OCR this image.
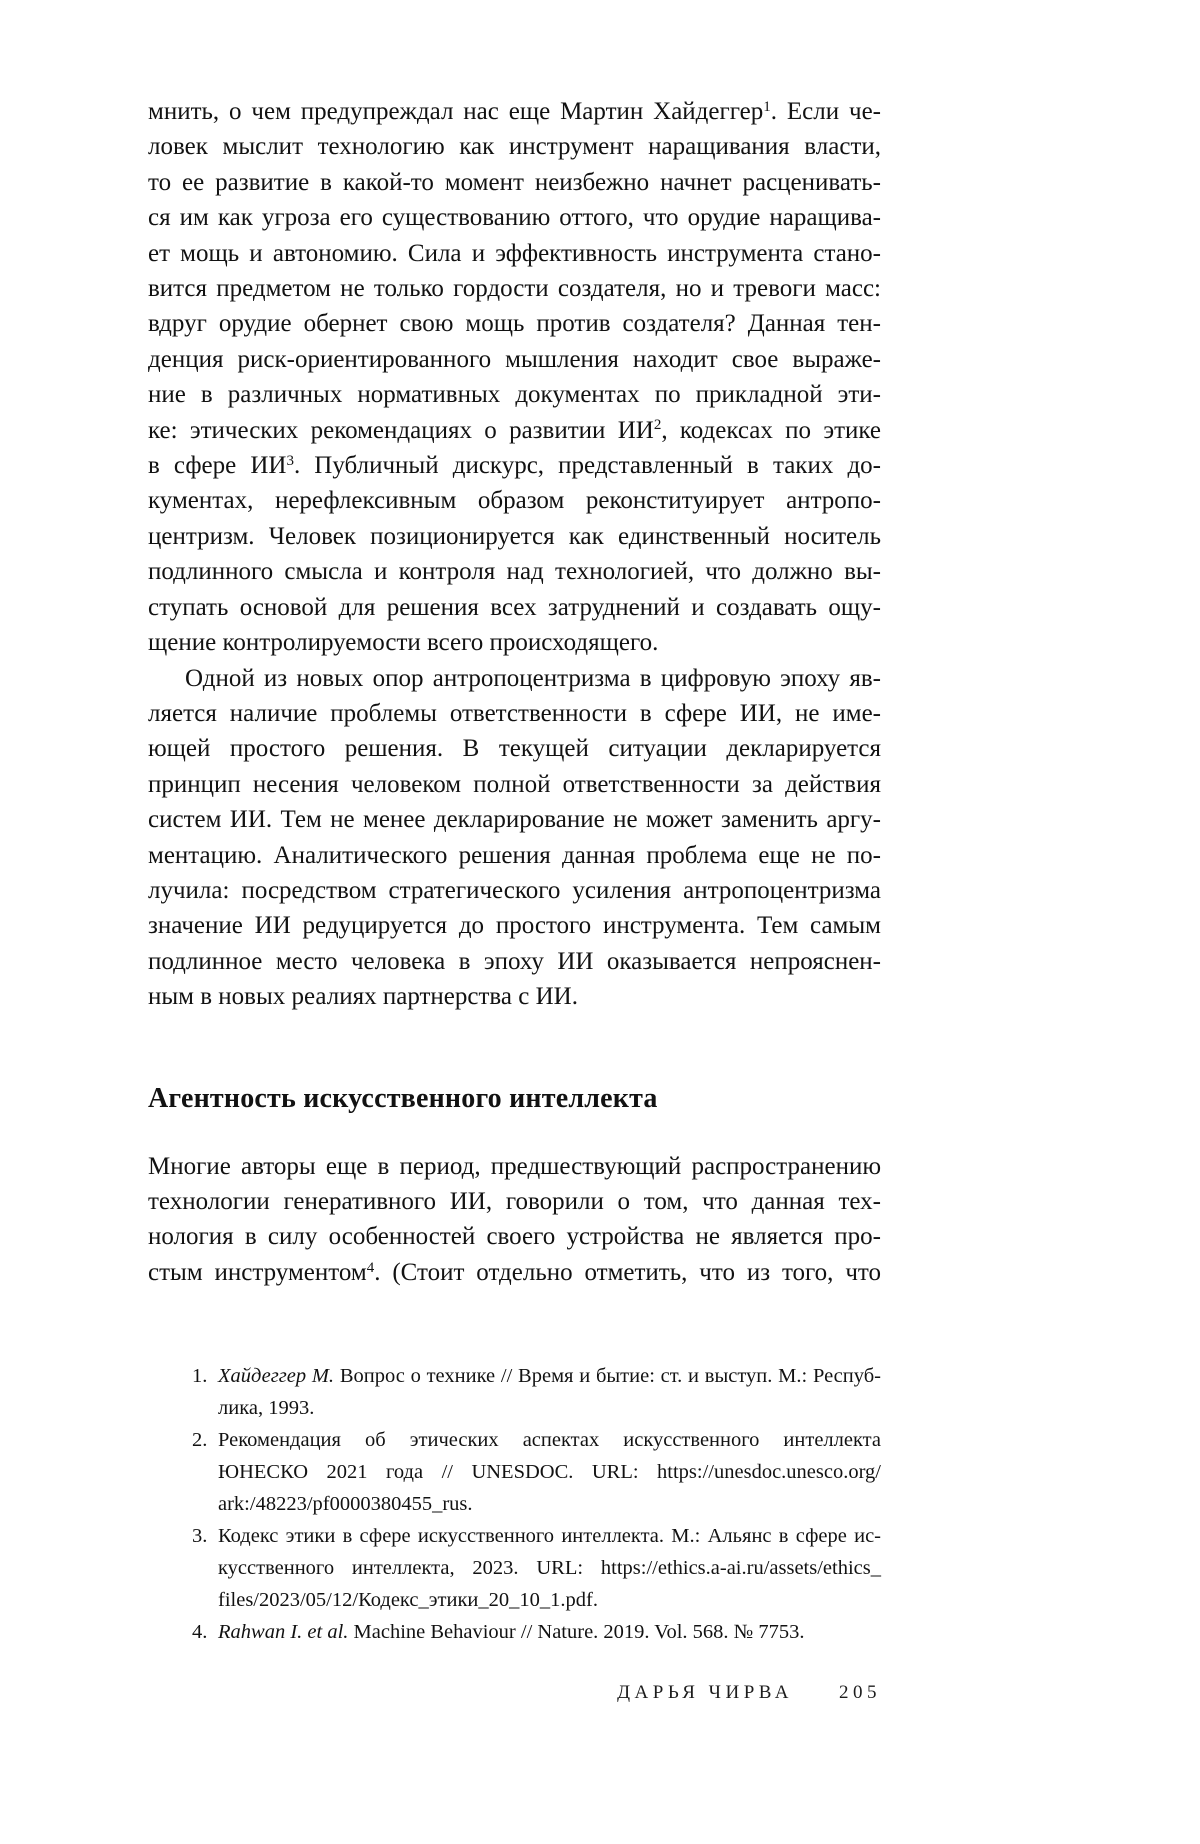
мнить, о чем предупреждал нас еще Мартин Хайдеггер$^1$. Если че-
ловек мыслит технологию как инструмент наращивания власти,
то ее развитие в какой-то момент неизбежно начнет расценивать-
ся им как угроза его существованию оттого, что орудие наращива-
ет мощь и автономию. Сила и эффективность инструмента стано-
вится предметом не только гордости создателя, но и тревоги масс:
вдруг орудие обернет свою мощь против создателя? Данная тен-
денция риск-ориентированного мышления находит свое выраже-
ние в различных нормативных документах по прикладной эти-
ке: этических рекомендациях о развитии $ИИ^2$, кодексах по этике
в сфере $ИИ^3$. Публичный дискурс, представленный в таких до-
кументах, нерефлексивным образом реконституирует антропо-
центризм. Человек позиционируется как единственный носитель
подлинного смысла и контроля над технологией, что должно вы-
ступать основой для решения всех затруднений и создавать ощу-
щение контролируемости всего происходящего.
Одной из новых опор антропоцентризма в цифровую эпоху яв-
ляется наличие проблемы ответственности в сфере ИИ, не име-
ющей простого решения. В текущей ситуации декларируется
принцип несения человеком полной ответственности за действия
систем ИИ. Тем не менее декларирование не может заменить аргу-
ментацию. Аналитического решения данная проблема еще не по-
лучила: посредством стратегического усиления антропоцентризма
значение ИИ редуцируется до простого инструмента. Тем самым
подлинное место человека в эпоху ИИ оказывается непрояснен-
ным в новых реалиях партнерства с ИИ.
Агентность искусственного интеллекта
Многие авторы еще в период, предшествующий распространению
технологии генеративного ИИ, говорили о том, что данная тех-
нология в силу особенностей своего устройства не является про-
стым инструментом$^4$. (Стоит отдельно отметить, что из того, что
1. Хайдеггер М. Вопрос о технике // Время и бытие: ст. и выступ. М.: Респуб-
лика, 1993.
2. Рекомендация об этических аспектах искусственного интеллекта
ЮНЕСКО 2021 года // UNESDOC. URL: https://unesdoc.unesco.org/
ark:/48223/pf0000380455_rus.
3. Кодекс этики в сфере искусственного интеллекта. М.: Альянс в сфере ис-
кусственного интеллекта, 2023. URL: https://ethics.a-ai.ru/assets/ethics_
files/2023/05/12/Кодекс_этики_20_10_1.pdf.
4. Rahwan I. et al. Machine Behaviour // Nature. 2019. Vol. 568. № 7753.
ДАРЬЯ ЧИРВА 205
